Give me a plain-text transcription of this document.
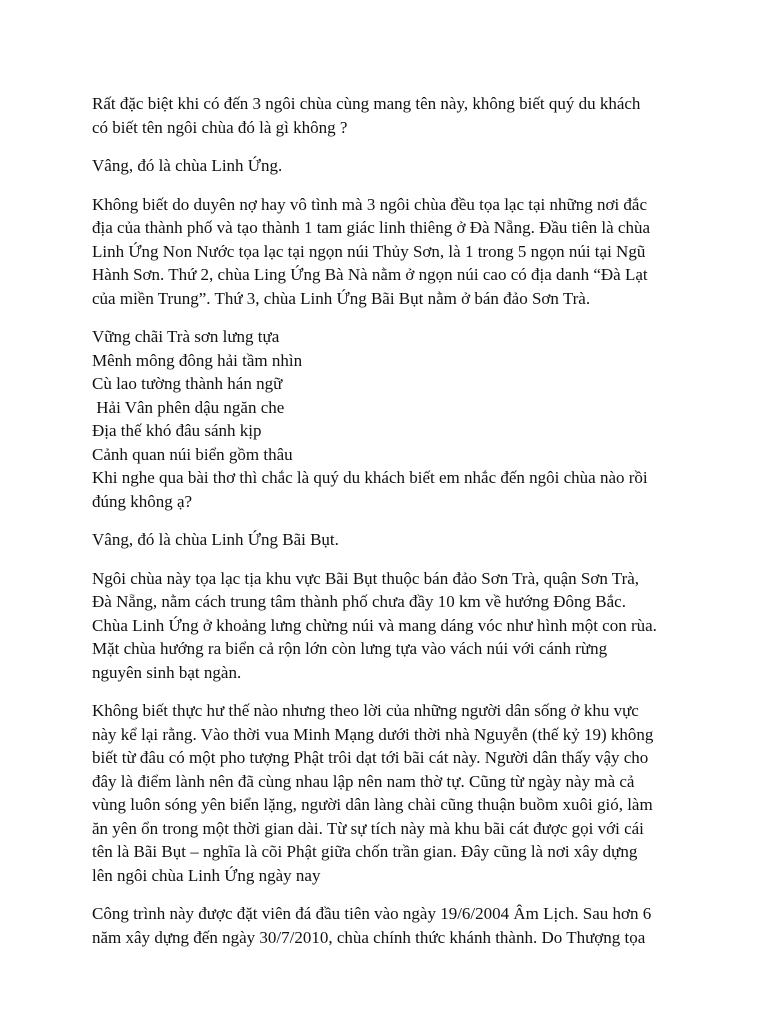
Rất đặc biệt khi có đến 3 ngôi chùa cùng mang tên này, không biết quý du khách
có biết tên ngôi chùa đó là gì không ?

Vâng, đó là chùa Linh Ứng.

Không biết do duyên nợ hay vô tình mà 3 ngôi chùa đều tọa lạc tại những nơi đắc
địa của thành phố và tạo thành 1 tam giác linh thiêng ở Đà Nẵng. Đầu tiên là chùa
Linh Ứng Non Nước tọa lạc tại ngọn núi Thủy Sơn, là 1 trong 5 ngọn núi tại Ngũ
Hành Sơn. Thứ 2, chùa Ling Ứng Bà Nà nằm ở ngọn núi cao có địa danh “Đà Lạt
của miền Trung”. Thứ 3, chùa Linh Ứng Bãi Bụt nằm ở bán đảo Sơn Trà.

Vững chãi Trà sơn lưng tựa
Mênh mông đông hải tầm nhìn
Cù lao tường thành hán ngữ
Hải Vân phên dậu ngăn che
Địa thế khó đâu sánh kịp
Cảnh quan núi biển gồm thâu

Khi nghe qua bài thơ thì chắc là quý du khách biết em nhắc đến ngôi chùa nào rồi
đúng không ạ?

Vâng, đó là chùa Linh Ứng Bãi Bụt.

Ngôi chùa này tọa lạc tịa khu vực Bãi Bụt thuộc bán đảo Sơn Trà, quận Sơn Trà,
Đà Nẵng, nằm cách trung tâm thành phố chưa đầy 10 km về hướng Đông Bắc.
Chùa Linh Ứng ở khoảng lưng chừng núi và mang dáng vóc như hình một con rùa.
Mặt chùa hướng ra biển cả rộn lớn còn lưng tựa vào vách núi với cánh rừng
nguyên sinh bạt ngàn.

Không biết thực hư thế nào nhưng theo lời của những người dân sống ở khu vực
này kể lại rằng. Vào thời vua Minh Mạng dưới thời nhà Nguyễn (thế kỷ 19) không
biết từ đâu có một pho tượng Phật trôi dạt tới bãi cát này. Người dân thấy vậy cho
đây là điểm lành nên đã cùng nhau lập nên nam thờ tự. Cũng từ ngày này mà cả
vùng luôn sóng yên biển lặng, người dân làng chài cũng thuận buồm xuôi gió, làm
ăn yên ổn trong một thời gian dài. Từ sự tích này mà khu bãi cát được gọi với cái
tên là Bãi Bụt – nghĩa là cõi Phật giữa chốn trần gian. Đây cũng là nơi xây dựng
lên ngôi chùa Linh Ứng ngày nay

Công trình này được đặt viên đá đầu tiên vào ngày 19/6/2004 Âm Lịch. Sau hơn 6
năm xây dựng đến ngày 30/7/2010, chùa chính thức khánh thành. Do Thượng tọa
